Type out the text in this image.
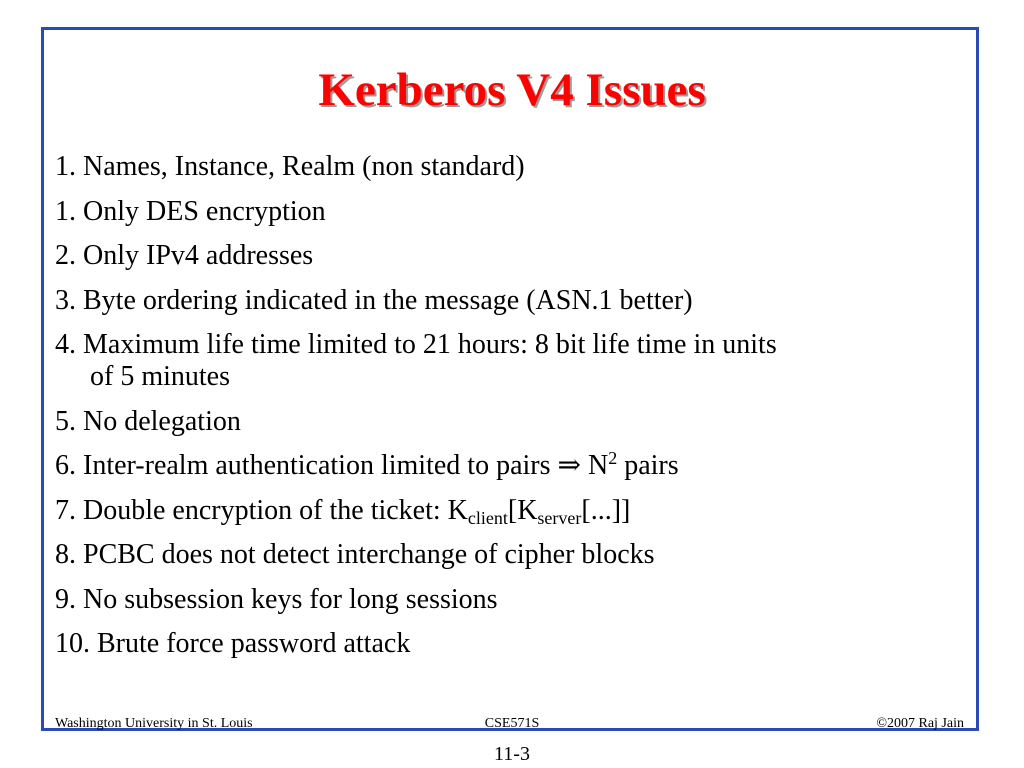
Kerberos V4 Issues
1. Names, Instance, Realm (non standard)
1. Only DES encryption
2. Only IPv4 addresses
3. Byte ordering indicated in the message (ASN.1 better)
4. Maximum life time limited to 21 hours: 8 bit life time in units
of 5 minutes
5. No delegation
6. Inter-realm authentication limited to pairs ⇒ $N^2$ pairs
7. Double encryption of the ticket: $K_{client}[K_{server}[...]]$
8. PCBC does not detect interchange of cipher blocks
9. No subsession keys for long sessions
10. Brute force password attack
Washington University in St. Louis	CSE571S	©2007 Raj Jain
11-3
